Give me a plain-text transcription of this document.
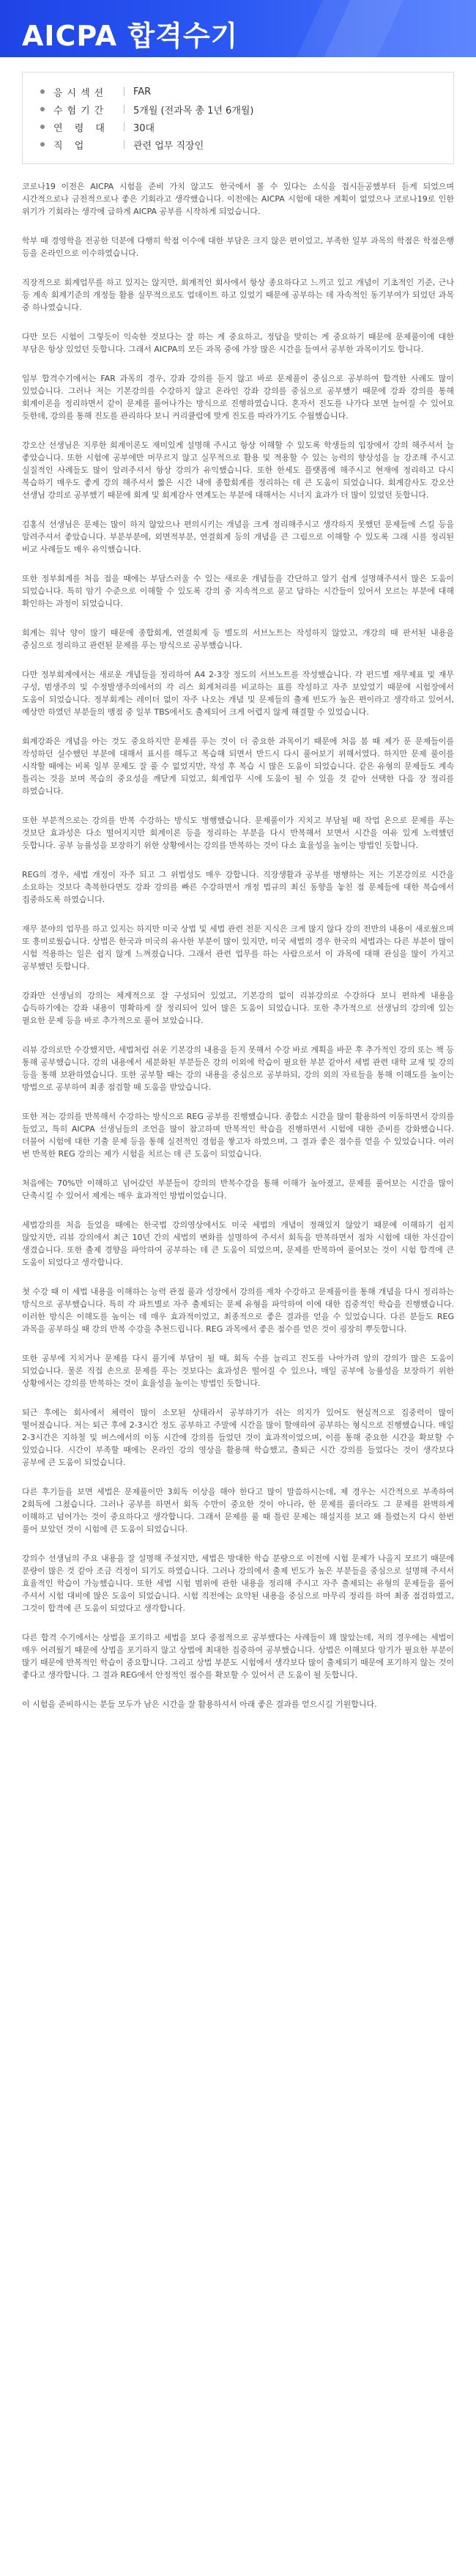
AICPA 합격수기
응시섹션	FAR
수험기간	5개월 (전과목 총 1년 6개월)
연 령 대	30대
직 업	관련 업무 직장인

코로나19 이전은 AICPA 시험을 준비 가치 않고도 한국에서 볼 수 있다는 소식을 접시듣공했부터 듣게 되었으며 시간적으로나 금전적으로나 좋은 기회라고 생각했습니다. 이전에는 AICPA 시험에 대한 계획이 없었으나 코로나19로 인한 위기가 기회라는 생각에 급하게 AICPA 공부를 시작하게 되었습니다.

학부 때 경영학을 전공한 덕분에 다행히 학점 이수에 대한 부담은 크지 않은 편이었고, 부족한 일부 과목의 학점은 학점은행 등을 온라인으로 이수하였습니다.

직장적으로 회계업무를 하고 있지는 않지만, 회계적인 회사에서 항상 종요하다고 느끼고 있고 개념이 기초적인 기준, 근나 등 계속 회계기준의 개정들 활용 실무적으로도 업데이트 하고 있었기 때문에 공부하는 데 자속적인 동기부여가 되었던 과목 중 하나였습니다.

다만 모든 시험이 그렇듯이 익숙한 것보다는 잘 하는 게 중요하고, 정답을 맞히는 게 중요하기 때문에 문제풀이에 대한 부담은 항상 있었던 듯합니다. 그래서 AICPA의 모든 과목 중에 가장 많은 시간을 들여서 공부한 과목이기도 합니다.

일부 합격수기에서는 FAR 과목의 경우, 강좌 강의를 듣지 않고 바로 문제풀이 중심으로 공부하여 합격한 사례도 많이 있었습니다. 그러나 저는 기본강의를 수강하지 않고 온라인 강좌 강의를 중심으로 공부했기 때문에 강좌 강의를 통해 회계이론을 정리하면서 같이 문제를 풀어나가는 방식으로 진행하였습니다. 혼자서 진도를 나가다 보면 늘어질 수 있어요 듯한데, 강의를 통해 진도를 관리하다 보니 커리큘럼에 맞게 진도를 따라가기도 수월했습니다.

강오산 선생님은 지루한 회계이론도 재미있게 설명해 주시고 항상 이해할 수 있도록 학생들의 입장에서 강의 해주셔서 늘 좋았습니다. 또한 시험에 공부에만 머무르지 않고 실무적으로 활용 및 적용할 수 있는 능력의 향상성을 늘 강조해 주시고 실질적인 사례들도 많이 알려주셔서 항상 강의가 유익했습니다. 또한 한세도 플랫폼에 해주시고 현재에 정리하고 다시 복습하기 매우도 좋게 강의 해주셔서 짧은 시간 내에 종합회계를 정리하는 데 큰 도움이 되었습니다. 회계감사도 강오산 선생님 강의로 공부했기 때문에 회계 및 회계감사 연계도는 부분에 대해서는 시너지 효과가 더 많이 있었던 듯합니다.

김홍식 선생님은 문제는 많이 하지 않았으나 편의시키는 개념을 크게 정리해주시고 생각하지 못했던 문제들에 스킬 등을 알려주셔서 좋았습니다. 부분부분에, 외면적부분, 연결회계 등의 개념을 큰 그림으로 이해할 수 있도록 그래 시를 정리된 비교 사례들도 매우 유익했습니다.

또한 정부회계를 처음 접을 때에는 부담스러울 수 있는 새로운 개념들을 간단하고 알기 쉽게 설명해주셔서 많은 도움이 되었습니다. 특히 암기 수준으로 이해할 수 있도록 강의 중 지속적으로 묻고 답하는 시간들이 있어서 모르는 부분에 대해 확인하는 과정이 되었습니다.

회계는 워낙 양이 많기 때문에 종합회계, 연결회계 등 별도의 서브노트는 작성하지 않았고, 개강의 때 판서된 내용을 중심으로 정리하고 관련된 문제를 푸는 방식으로 공부했습니다.

다만 정부회계에서는 새로운 개념들을 정리하여 A4 2-3장 정도의 서브노트를 작성했습니다. 각 펀드별 재무제표 및 재무 구성, 범생주의 및 수정발생주의에서의 각 리스 회계처리를 비교하는 표를 작성하고 자주 보았었기 때문에 시험장에서 도움이 되었습니다. 정부회계는 레이더 없이 자주 나오는 개념 및 문제들의 출제 빈도가 높은 편이라고 생각하고 있어서, 예상만 하였던 부분들의 맹점 중 일부 TBS에서도 출제되어 크게 어렵지 않게 해결할 수 있었습니다.

회계강좌은 개념을 아는 것도 중요하지만 문제를 푸는 것이 더 중요한 과목이기 때문에 처음 봄 때 제가 푼 문제들이를 작성하던 실수했던 부분에 대해서 표시를 해두고 복습해 되면서 반드시 다시 풀어보기 위해서였다. 하지만 문제 풀이를 시작할 때에는 비록 일부 문제도 잘 풀 수 없었지만, 작성 후 복습 시 많은 도움이 되었습니다. 같은 유형의 문제들도 계속 틀리는 것을 보며 복습의 중요성을 깨닫게 되었고, 회계업무 시에 도움이 될 수 있을 것 같아 선택한 다음 장 정리를 하였습니다.

또한 부분적으로는 강의를 반복 수강하는 방식도 병행했습니다. 문제풀이가 지치고 부담될 때 작업 온으로 문제를 푸는 것보단 효과성은 다소 떨어지지만 회계이론 등을 정리하는 부분을 다시 반복해서 보면서 시간을 여유 있게 노력했던 듯합니다. 공부 능률성을 보장하기 위한 상황에서는 강의를 반복하는 것이 다소 효율성을 높이는 방법인 듯합니다.

REG의 경우, 세법 개정이 자주 되고 그 위법성도 매우 강합니다. 직장생활과 공부를 병행하는 저는 기본강의로 시간을 소요하는 것보다 축복한다면도 강좌 강의를 빠른 수강하면서 개정 법규의 최신 동향을 놓친 점 문제들에 대한 복습에서 집중하도록 하였습니다.

재무 분야의 업무를 하고 있지는 하지만 미국 상법 및 세법 관련 전문 지식은 크게 많지 않다 강의 전반의 내용이 새로웠으며 또 흥미로웠습니다. 상법은 한국과 미국의 유사한 부분이 많이 있지만, 미국 세법의 경우 한국의 세법과는 다른 부분이 많이 시험 적용하는 일은 쉽지 않게 느껴졌습니다. 그래서 관련 업무를 하는 사람으로서 이 과목에 대해 관심을 많이 가지고 공부했던 듯합니다.

강좌만 선생님의 강의는 체계적으로 잘 구성되어 있었고, 기본강의 없이 리뷰강의로 수강하다 보니 편하게 내용을 습득하기에는 강좌 내용이 명확하게 잘 정리되어 있어 많은 도움이 되었습니다. 또한 추가적으로 선생님의 강의에 있는 필요한 문제 등을 바로 추가적으로 풀어 보았습니다.

리뷰 강의로만 수강했지만, 세법처럼 쉬운 기본강의 내용을 듣지 못해서 수강 바로 계획을 바꾼 후 추가적인 강의 또는 책 등 통해 공부했습니다. 강의 내용에서 세분화된 부분들은 강의 이외에 학습이 필요한 부분 같아서 세법 관련 대학 교재 및 강의 등을 통해 보완하였습니다. 또한 공부할 때는 강의 내용을 중심으로 공부하되, 강의 외의 자료들을 통해 이해도를 높이는 방법으로 공부하여 최종 점검할 때 도움을 받았습니다.

또한 저는 강의를 반복해서 수강하는 방식으로 REG 공부를 진행했습니다. 종합소 시간을 많이 활용하여 이동하면서 강의를 들었고, 특히 AICPA 선생님들의 조언을 많이 참고하며 반복적인 학습을 진행하면서 시험에 대한 준비를 강화했습니다. 더불어 시험에 대한 기출 문제 등을 통해 실전적인 경험을 쌓고자 하였으며, 그 결과 좋은 점수를 얻을 수 있었습니다. 여러 번 반복한 REG 강의는 제가 시험을 치르는 데 큰 도움이 되었습니다.

처음에는 70%만 이해하고 넘어갔던 부분들이 강의의 반복수강을 통해 이해가 높아졌고, 문제를 풀어보는 시간을 많이 단축시킬 수 있어서 제게는 매우 효과적인 방법이었습니다.

세법강의를 처음 들었을 때에는 한국법 강의영상에서도 미국 세법의 개념이 정해있지 않았기 때문에 이해하기 쉽지 않았지만, 리뷰 강의에서 최근 10년 간의 세법의 변화를 설명하여 주셔서 회독을 반복하면서 점차 시험에 대한 자신감이 생겼습니다. 또한 출제 경향을 파악하여 공부하는 데 큰 도움이 되었으며, 문제를 반복하여 풀어보는 것이 시험 합격에 큰 도움이 되었다고 생각합니다.

첫 수강 때 이 세법 내용을 이해하는 능력 관점 풀과 성장에서 강의를 재차 수강하고 문제풀이를 통해 개념을 다시 정리하는 방식으로 공부했습니다. 특히 각 파트별로 자주 출제되는 문제 유형을 파악하여 이에 대한 집중적인 학습을 진행했습니다. 이러한 방식은 이해도를 높이는 데 매우 효과적이었고, 최종적으로 좋은 결과를 얻을 수 있었습니다. 다른 분들도 REG 과목을 공부하실 때 강의 반복 수강을 추천드립니다. REG 과목에서 좋은 점수를 얻은 것이 굉장히 뿌듯합니다.

또한 공부에 지치거나 문제를 다시 풀기에 부담이 될 때, 회독 수를 늘리고 진도를 나아가려 앞의 강의가 많은 도움이 되었습니다. 물론 직접 손으로 문제를 푸는 것보다는 효과성은 떨어질 수 있으나, 매일 공부에 능률성을 보장하기 위한 상황에서는 강의를 반복하는 것이 효율성을 높이는 방법인 듯합니다.

퇴근 후에는 회사에서 체력이 많이 소모된 상태라서 공부하기가 쉬는 의지가 있어도 현실적으로 집중력이 많이 떨어졌습니다. 저는 퇴근 후에 2-3시간 정도 공부하고 주말에 시간을 많이 할애하여 공부하는 형식으로 진행했습니다. 매일 2-3시간은 지하철 및 버스에서의 이동 시간에 강의를 들었던 것이 효과적이었으며, 이를 통해 중요한 시간을 확보할 수 있었습니다. 시간이 부족할 때에는 온라인 강의 영상을 활용해 학습했고, 출퇴근 시간 강의를 들었다는 것이 생각보다 공부에 큰 도움이 되었습니다.

다른 후기들을 보면 세법은 문제풀이만 3회독 이상을 해야 한다고 많이 말씀하시는데, 제 경우는 시간적으로 부족하여 2회독에 그쳤습니다. 그러나 공부를 하면서 회독 수만이 중요한 것이 아니라, 한 문제를 풀더라도 그 문제를 완벽하게 이해하고 넘어가는 것이 중요하다고 생각합니다. 그래서 문제를 풀 때 틀린 문제는 해설지를 보고 왜 틀렸는지 다시 한번 풀어 보았던 것이 시험에 큰 도움이 되었습니다.

강의수 선생님의 주요 내용을 잘 설명해 주셨지만, 세법은 방대한 학습 분량으로 이전에 시험 문제가 나올지 모르기 때문에 분량이 많은 것 같아 조금 걱정이 되기도 하였습니다. 그러나 강의에서 출제 빈도가 높은 부분들을 중심으로 설명해 주셔서 효율적인 학습이 가능했습니다. 또한 세법 시험 범위에 관한 내용을 정리해 주시고 자주 출제되는 유형의 문제들을 풀어 주셔서 시험 대비에 많은 도움이 되었습니다. 시험 직전에는 요약된 내용을 중심으로 마무리 정리를 하여 최종 점검하였고, 그것이 합격에 큰 도움이 되었다고 생각합니다.

다른 합격 수기에서는 상법을 포기하고 세법을 보다 중점적으로 공부했다는 사례들이 꽤 많았는데, 저의 경우에는 세법이 매우 어려웠기 때문에 상법을 포기하지 않고 상법에 최대한 집중하여 공부했습니다. 상법은 이해보다 암기가 필요한 부분이 많기 때문에 반복적인 학습이 중요합니다. 그리고 상법 부분도 시험에서 생각보다 많이 출제되기 때문에 포기하지 않는 것이 좋다고 생각합니다. 그 결과 REG에서 안정적인 점수를 확보할 수 있어서 큰 도움이 될 듯합니다.

이 시험을 준비하시는 분들 모두가 남은 시간을 잘 활용하셔서 아래 좋은 결과를 얻으시길 기원합니다.
